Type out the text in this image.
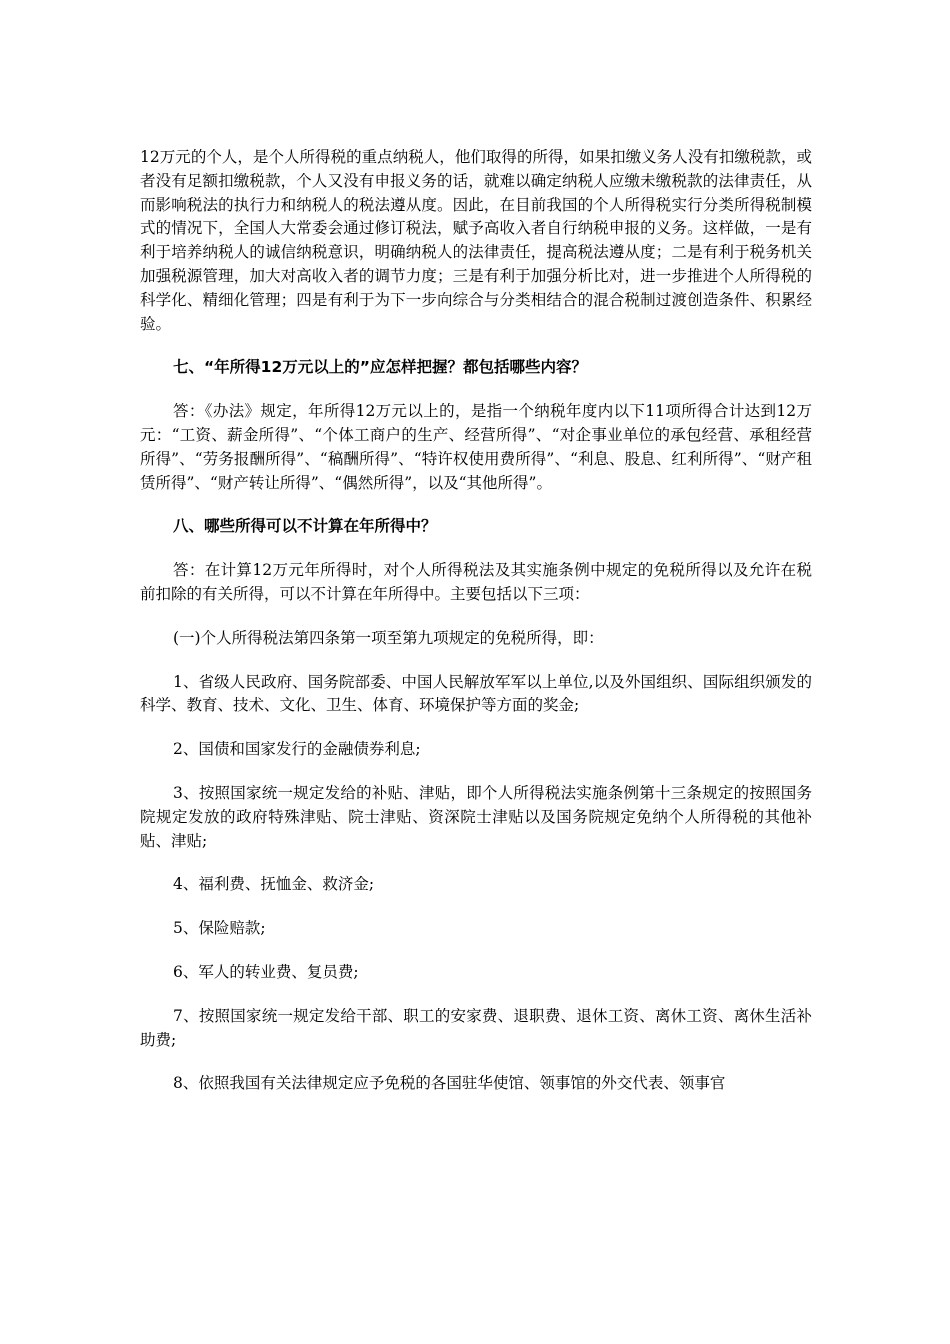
12万元的个人，是个人所得税的重点纳税人，他们取得的所得，如果扣缴义务人没有扣缴税款，或者没有足额扣缴税款，个人又没有申报义务的话，就难以确定纳税人应缴未缴税款的法律责任，从而影响税法的执行力和纳税人的税法遵从度。因此，在目前我国的个人所得税实行分类所得税制模式的情况下，全国人大常委会通过修订税法，赋予高收入者自行纳税申报的义务。这样做，一是有利于培养纳税人的诚信纳税意识，明确纳税人的法律责任，提高税法遵从度；二是有利于税务机关加强税源管理，加大对高收入者的调节力度；三是有利于加强分析比对，进一步推进个人所得税的科学化、精细化管理；四是有利于为下一步向综合与分类相结合的混合税制过渡创造条件、积累经验。

七、“年所得12万元以上的”应怎样把握？都包括哪些内容？

答：《办法》规定，年所得12万元以上的，是指一个纳税年度内以下11项所得合计达到12万元：“工资、薪金所得”、“个体工商户的生产、经营所得”、“对企事业单位的承包经营、承租经营所得”、“劳务报酬所得”、“稿酬所得”、“特许权使用费所得”、“利息、股息、红利所得”、“财产租赁所得”、“财产转让所得”、“偶然所得”，以及“其他所得”。

八、哪些所得可以不计算在年所得中？

答：在计算12万元年所得时，对个人所得税法及其实施条例中规定的免税所得以及允许在税前扣除的有关所得，可以不计算在年所得中。主要包括以下三项：

(一)个人所得税法第四条第一项至第九项规定的免税所得，即：

1、省级人民政府、国务院部委、中国人民解放军军以上单位,以及外国组织、国际组织颁发的科学、教育、技术、文化、卫生、体育、环境保护等方面的奖金;

2、国债和国家发行的金融债券利息;

3、按照国家统一规定发给的补贴、津贴，即个人所得税法实施条例第十三条规定的按照国务院规定发放的政府特殊津贴、院士津贴、资深院士津贴以及国务院规定免纳个人所得税的其他补贴、津贴;

4、福利费、抚恤金、救济金;

5、保险赔款;

6、军人的转业费、复员费;

7、按照国家统一规定发给干部、职工的安家费、退职费、退休工资、离休工资、离休生活补助费;

8、依照我国有关法律规定应予免税的各国驻华使馆、领事馆的外交代表、领事官
